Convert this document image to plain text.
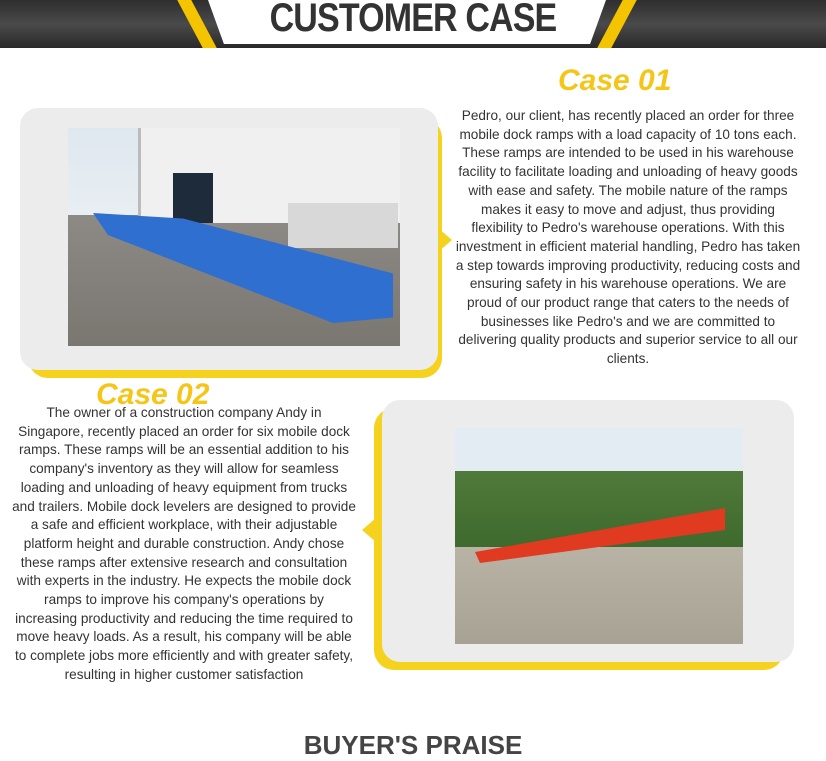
CUSTOMER CASE
Case 01
Pedro, our client, has recently placed an order for three mobile dock ramps with a load capacity of 10 tons each. These ramps are intended to be used in his warehouse facility to facilitate loading and unloading of heavy goods with ease and safety. The mobile nature of the ramps makes it easy to move and adjust, thus providing flexibility to Pedro's warehouse operations. With this investment in efficient material handling, Pedro has taken a step towards improving productivity, reducing costs and ensuring safety in his warehouse operations. We are proud of our product range that caters to the needs of businesses like Pedro's and we are committed to delivering quality products and superior service to all our clients.
Case 02
The owner of a construction company Andy in Singapore, recently placed an order for six mobile dock ramps. These ramps will be an essential addition to his company's inventory as they will allow for seamless loading and unloading of heavy equipment from trucks and trailers. Mobile dock levelers are designed to provide a safe and efficient workplace, with their adjustable platform height and durable construction. Andy chose these ramps after extensive research and consultation with experts in the industry. He expects the mobile dock ramps to improve his company's operations by increasing productivity and reducing the time required to move heavy loads. As a result, his company will be able to complete jobs more efficiently and with greater safety, resulting in higher customer satisfaction
BUYER'S PRAISE
